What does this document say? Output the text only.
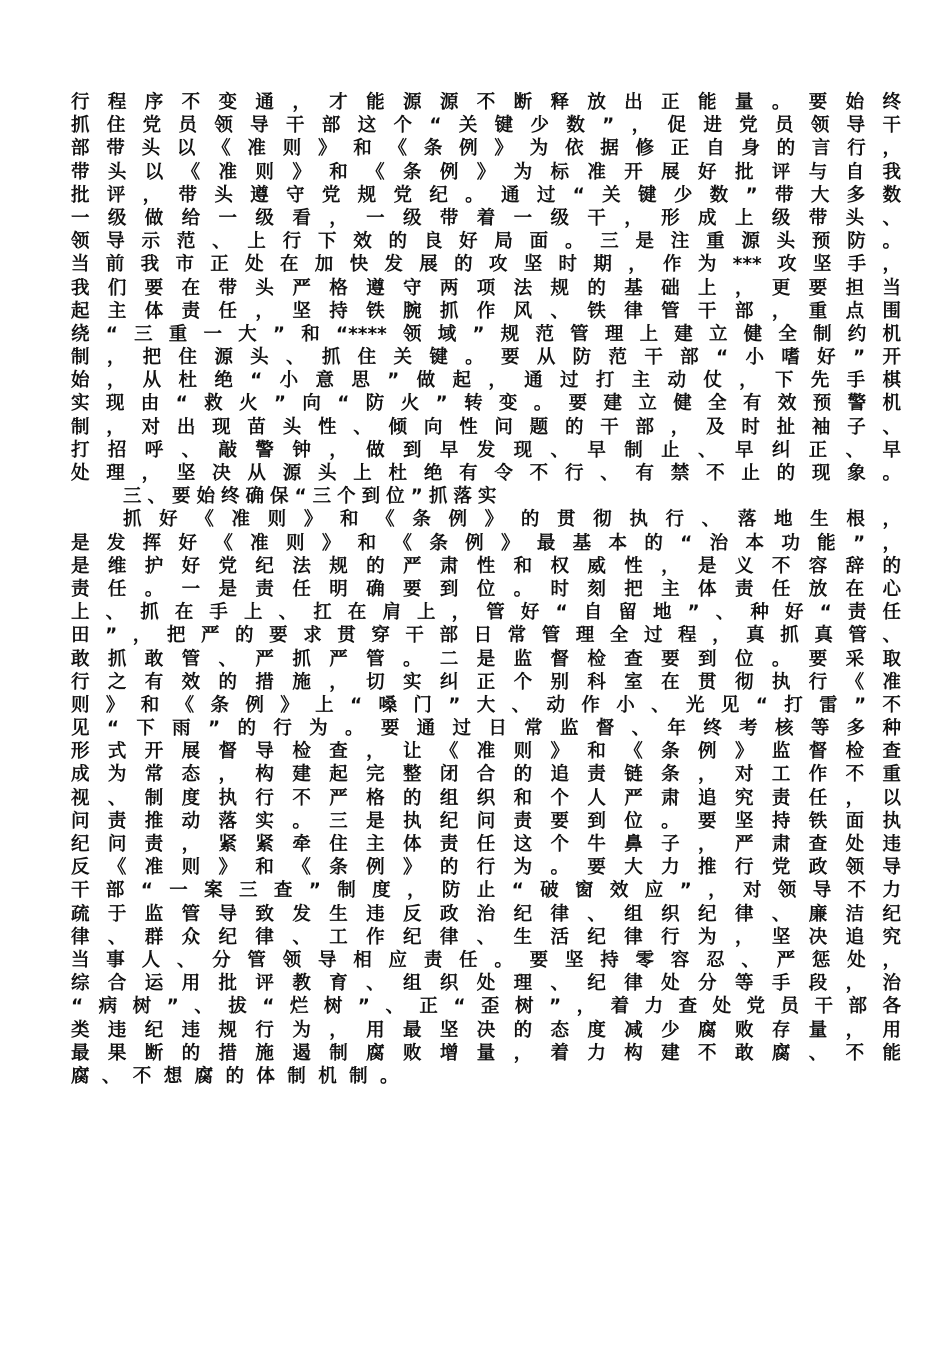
行程序不变通，才能源源不断释放出正能量。要始终
抓住党员领导干部这个“关键少数”，促进党员领导干
部带头以《准则》和《条例》为依据修正自身的言行，
带头以《准则》和《条例》为标准开展好批评与自我
批评，带头遵守党规党纪。通过“关键少数”带大多数
一级做给一级看，一级带着一级干，形成上级带头、
领导示范、上行下效的良好局面。三是注重源头预防。
当前我市正处在加快发展的攻坚时期，作为***攻坚手，
我们要在带头严格遵守两项法规的基础上，更要担当
起主体责任，坚持铁腕抓作风、铁律管干部，重点围
绕“三重一大”和“****领域”规范管理上建立健全制约机
制，把住源头、抓住关键。要从防范干部“小嗜好”开
始，从杜绝“小意思”做起，通过打主动仗，下先手棋
实现由“救火”向“防火”转变。要建立健全有效预警机
制，对出现苗头性、倾向性问题的干部，及时扯袖子、
打招呼、敲警钟，做到早发现、早制止、早纠正、早
处理，坚决从源头上杜绝有令不行、有禁不止的现象。
三、要始终确保“三个到位”抓落实
抓好《准则》和《条例》的贯彻执行、落地生根，
是发挥好《准则》和《条例》最基本的“治本功能”，
是维护好党纪法规的严肃性和权威性，是义不容辞的
责任。一是责任明确要到位。时刻把主体责任放在心
上、抓在手上、扛在肩上，管好“自留地”、种好“责任
田”，把严的要求贯穿干部日常管理全过程，真抓真管、
敢抓敢管、严抓严管。二是监督检查要到位。要采取
行之有效的措施，切实纠正个别科室在贯彻执行《准
则》和《条例》上“嗓门”大、动作小、光见“打雷”不
见“下雨”的行为。要通过日常监督、年终考核等多种
形式开展督导检查，让《准则》和《条例》监督检查
成为常态，构建起完整闭合的追责链条，对工作不重
视、制度执行不严格的组织和个人严肃追究责任，以
问责推动落实。三是执纪问责要到位。要坚持铁面执
纪问责，紧紧牵住主体责任这个牛鼻子，严肃查处违
反《准则》和《条例》的行为。要大力推行党政领导
干部“一案三查”制度，防止“破窗效应”，对领导不力
疏于监管导致发生违反政治纪律、组织纪律、廉洁纪
律、群众纪律、工作纪律、生活纪律行为，坚决追究
当事人、分管领导相应责任。要坚持零容忍、严惩处，
综合运用批评教育、组织处理、纪律处分等手段，治
“病树”、拔“烂树”、正“歪树”，着力查处党员干部各
类违纪违规行为，用最坚决的态度减少腐败存量，用
最果断的措施遏制腐败增量，着力构建不敢腐、不能
腐、不想腐的体制机制。
